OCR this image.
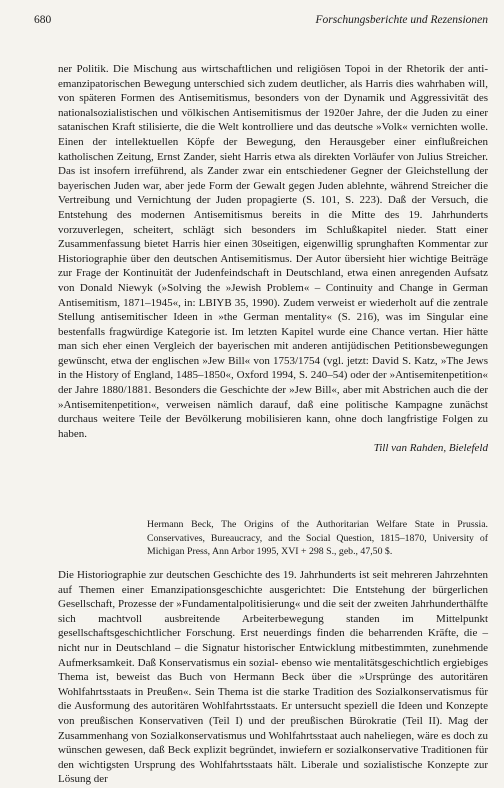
680	Forschungsberichte und Rezensionen

ner Politik. Die Mischung aus wirtschaftlichen und religiösen Topoi in der Rhetorik der anti-emanzipatorischen Bewegung unterschied sich zudem deutlicher, als Harris dies wahrhaben will, von späteren Formen des Antisemitismus, besonders von der Dynamik und Aggressivität des nationalsozialistischen und völkischen Antisemitismus der 1920er Jahre, der die Juden zu einer satanischen Kraft stilisierte, die die Welt kontrolliere und das deutsche »Volk« vernichten wolle. Einen der intellektuellen Köpfe der Bewegung, den Herausgeber einer einflußreichen katholischen Zeitung, Ernst Zander, sieht Harris etwa als direkten Vorläufer von Julius Streicher. Das ist insofern irreführend, als Zander zwar ein entschiedener Gegner der Gleichstellung der bayerischen Juden war, aber jede Form der Gewalt gegen Juden ablehnte, während Streicher die Vertreibung und Vernichtung der Juden propagierte (S. 101, S. 223). Daß der Versuch, die Entstehung des modernen Antisemitismus bereits in die Mitte des 19. Jahrhunderts vorzuverlegen, scheitert, schlägt sich besonders im Schlußkapitel nieder. Statt einer Zusammenfassung bietet Harris hier einen 30seitigen, eigenwillig sprunghaften Kommentar zur Historiographie über den deutschen Antisemitismus. Der Autor übersieht hier wichtige Beiträge zur Frage der Kontinuität der Judenfeindschaft in Deutschland, etwa einen anregenden Aufsatz von Donald Niewyk (»Solving the »Jewish Problem« – Continuity and Change in German Antisemitism, 1871–1945«, in: LBIYB 35, 1990). Zudem verweist er wiederholt auf die zentrale Stellung antisemitischer Ideen in »the German mentality« (S. 216), was im Singular eine bestenfalls fragwürdige Kategorie ist. Im letzten Kapitel wurde eine Chance vertan. Hier hätte man sich eher einen Vergleich der bayerischen mit anderen antijüdischen Petitionsbewegungen gewünscht, etwa der englischen »Jew Bill« von 1753/1754 (vgl. jetzt: David S. Katz, »The Jews in the History of England, 1485–1850«, Oxford 1994, S. 240–54) oder der »Antisemitenpetition« der Jahre 1880/1881. Besonders die Geschichte der »Jew Bill«, aber mit Abstrichen auch die der »Antisemitenpetition«, verweisen nämlich darauf, daß eine politische Kampagne zunächst durchaus weitere Teile der Bevölkerung mobilisieren kann, ohne doch langfristige Folgen zu haben.

Till van Rahden, Bielefeld

Hermann Beck, The Origins of the Authoritarian Welfare State in Prussia. Conservatives, Bureaucracy, and the Social Question, 1815–1870, University of Michigan Press, Ann Arbor 1995, XVI + 298 S., geb., 47,50 $.

Die Historiographie zur deutschen Geschichte des 19. Jahrhunderts ist seit mehreren Jahrzehnten auf Themen einer Emanzipationsgeschichte ausgerichtet: Die Entstehung der bürgerlichen Gesellschaft, Prozesse der »Fundamentalpolitisierung« und die seit der zweiten Jahrhunderthälfte sich machtvoll ausbreitende Arbeiterbewegung standen im Mittelpunkt gesellschaftsgeschichtlicher Forschung. Erst neuerdings finden die beharrenden Kräfte, die – nicht nur in Deutschland – die Signatur historischer Entwicklung mitbestimmten, zunehmende Aufmerksamkeit. Daß Konservatismus ein sozial- ebenso wie mentalitätsgeschichtlich ergiebiges Thema ist, beweist das Buch von Hermann Beck über die »Ursprünge des autoritären Wohlfahrtsstaats in Preußen«. Sein Thema ist die starke Tradition des Sozialkonservatismus für die Ausformung des autoritären Wohlfahrtsstaats. Er untersucht speziell die Ideen und Konzepte von preußischen Konservativen (Teil I) und der preußischen Bürokratie (Teil II). Mag der Zusammenhang von Sozialkonservatismus und Wohlfahrtsstaat auch naheliegen, wäre es doch zu wünschen gewesen, daß Beck explizit begründet, inwiefern er sozialkonservative Traditionen für den wichtigsten Ursprung des Wohlfahrtsstaats hält. Liberale und sozialistische Konzepte zur Lösung der
